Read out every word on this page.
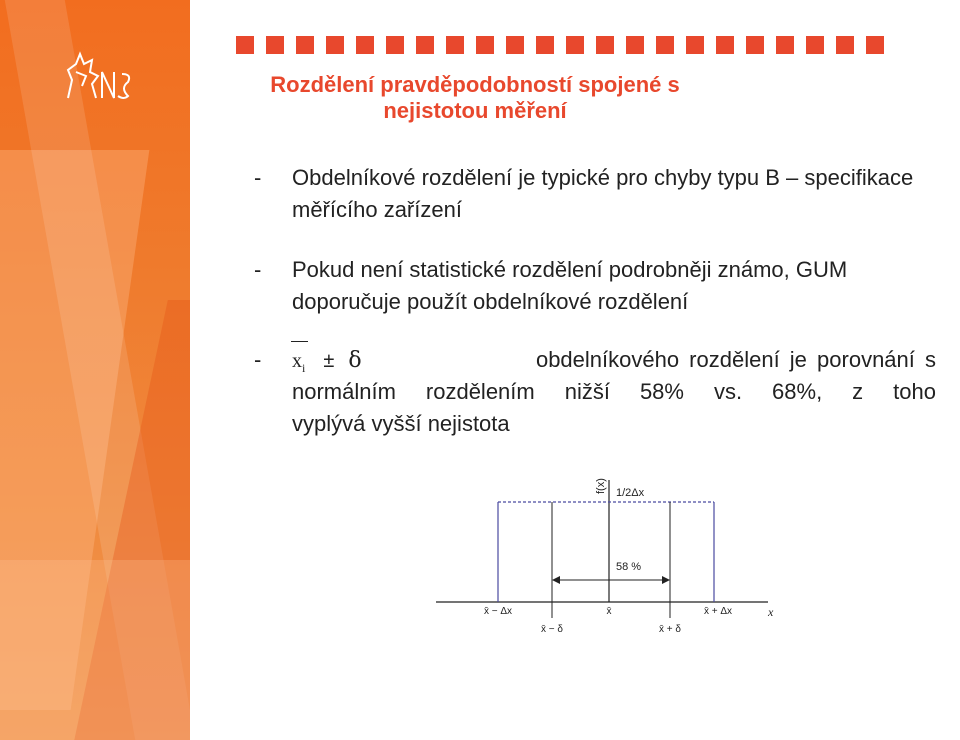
Rozdělení pravděpodobností spojené s nejistotou měření
- Obdelníkové rozdělení je typické pro chyby typu B – specifikace měřícího zařízení
- Pokud není statistické rozdělení podrobněji známo, GUM doporučuje použít obdelníkové rozdělení
- $x_i \pm \delta$	obdelníkového rozdělení je porovnání s
normálním rozdělením nižší 58% vs. 68%, z toho
vyplývá vyšší nejistota
f(x) 1/2Δx
58 %
x
x̄ − Δx
x̄ − δ
x̄
x̄ + δ
x̄ + Δx
